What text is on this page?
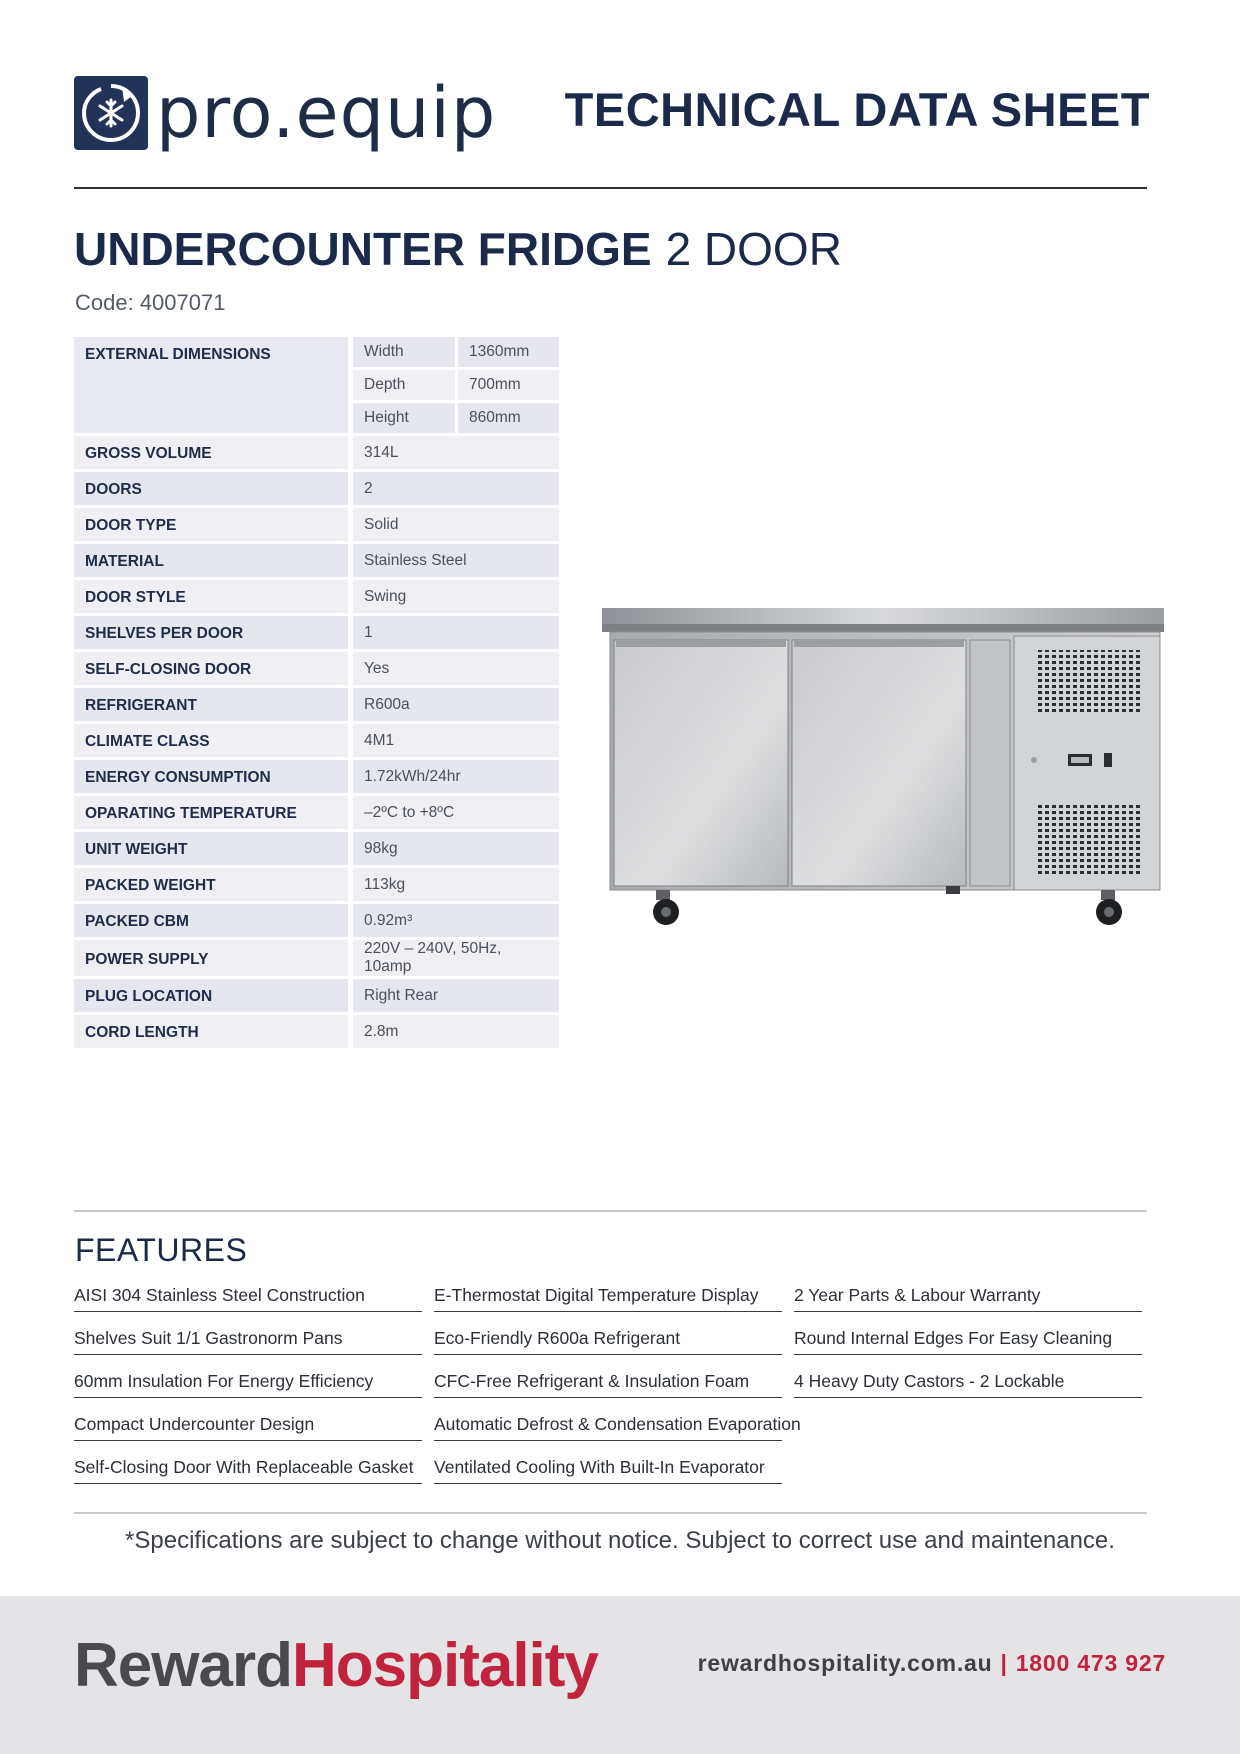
pro.equip TECHNICAL DATA SHEET
UNDERCOUNTER FRIDGE 2 DOOR
Code: 4007071
EXTERNAL DIMENSIONS	Width	1360mm
	Depth	700mm
	Height	860mm
GROSS VOLUME	314L	
DOORS	2	
DOOR TYPE	Solid	
MATERIAL	Stainless Steel	
DOOR STYLE	Swing	
SHELVES PER DOOR	1	
SELF-CLOSING DOOR	Yes	
REFRIGERANT	R600a	
CLIMATE CLASS	4M1	
ENERGY CONSUMPTION	1.72kWh/24hr	
OPARATING TEMPERATURE	–2ºC to +8ºC	
UNIT WEIGHT	98kg	
PACKED WEIGHT	113kg	
PACKED CBM	0.92m³	
POWER SUPPLY	220V – 240V, 50Hz, 10amp	
PLUG LOCATION	Right Rear	
CORD LENGTH	2.8m	
FEATURES
AISI 304 Stainless Steel Construction
Shelves Suit 1/1 Gastronorm Pans
60mm Insulation For Energy Efficiency
Compact Undercounter Design
Self-Closing Door With Replaceable Gasket
E-Thermostat Digital Temperature Display
Eco-Friendly R600a Refrigerant
CFC-Free Refrigerant & Insulation Foam
Automatic Defrost & Condensation Evaporation
Ventilated Cooling With Built-In Evaporator
2 Year Parts & Labour Warranty
Round Internal Edges For Easy Cleaning
4 Heavy Duty Castors - 2 Lockable
*Specifications are subject to change without notice. Subject to correct use and maintenance.
RewardHospitality	rewardhospitality.com.au | 1800 473 927
